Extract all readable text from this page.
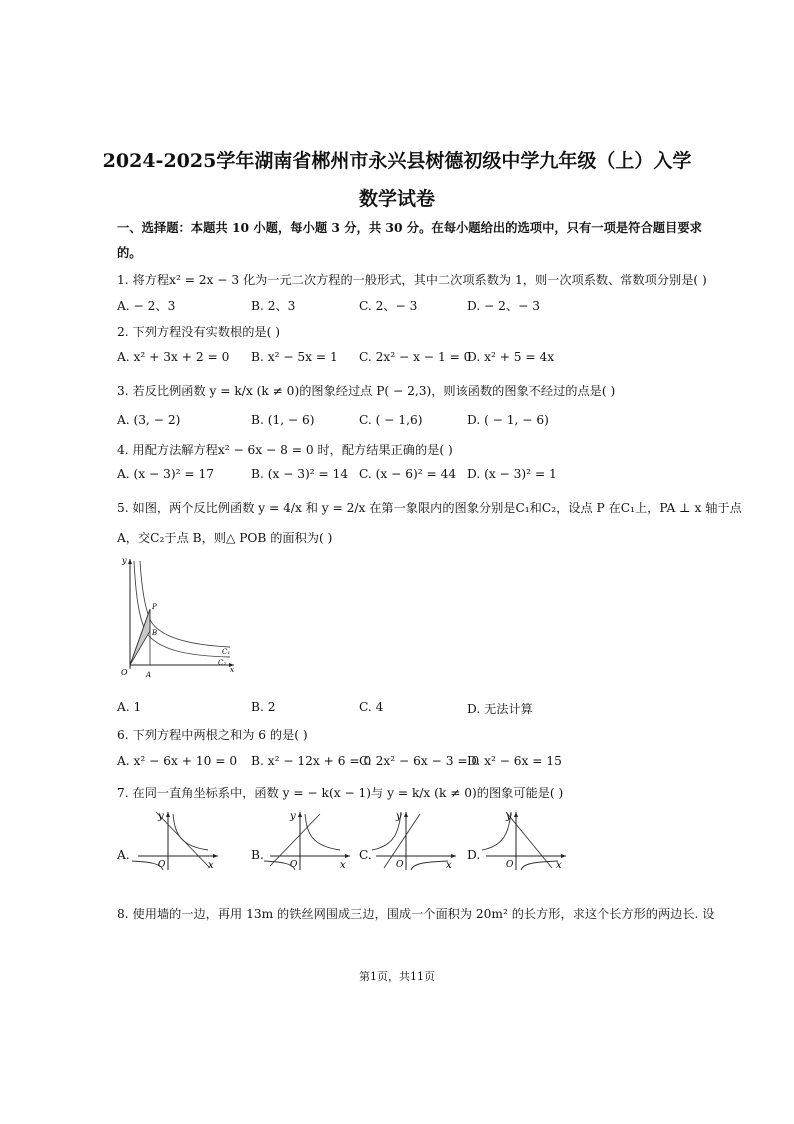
2024-2025学年湖南省郴州市永兴县树德初级中学九年级（上）入学
数学试卷
一、选择题：本题共 10 小题，每小题 3 分，共 30 分。在每小题给出的选项中，只有一项是符合题目要求
的。
1. 将方程x² = 2x − 3 化为一元二次方程的一般形式，其中二次项系数为 1，则一次项系数、常数项分别是( )
A. − 2、3	B. 2、3	C. 2、− 3	D. − 2、− 3
2. 下列方程没有实数根的是( )
A. x² + 3x + 2 = 0 B. x² − 5x = 1 C. 2x² − x − 1 = 0
D. x² + 5 = 4x
3. 若反比例函数 y = k/x (k ≠ 0)的图象经过点 P( − 2,3)，则该函数的图象不经过的点是( )
A. (3, − 2)	B. (1, − 6)	C. ( − 1,6)	D. ( − 1, − 6)
4. 用配方法解方程x² − 6x − 8 = 0 时，配方结果正确的是( )
A. (x − 3)² = 17	B. (x − 3)² = 14 C. (x − 6)² = 44 D. (x − 3)² = 1
5. 如图，两个反比例函数 y = 4/x 和 y = 2/x 在第一象限内的图象分别是C₁和C₂，设点 P 在C₁上，PA ⊥ x 轴于点
A，交C₂于点 B，则△ POB 的面积为( )
y
x
O	A
P
B
C₁
C₂
A. 1	B. 2	C. 4	D. 无法计算
6. 下列方程中两根之和为 6 的是( )
A. x² − 6x + 10 = 0 B. x² − 12x + 6 = 0
C. 2x² − 6x − 3 = 0
D. x² − 6x = 15
7. 在同一直角坐标系中，函数 y = − k(x − 1)与 y = k/x (k ≠ 0)的图象可能是( )
A.
y
x
O
B.
y
x
O
C.
y
x
O
D.
y
x
O
8. 使用墙的一边，再用 13m 的铁丝网围成三边，围成一个面积为 20m² 的长方形，求这个长方形的两边长. 设
第1页，共11页
